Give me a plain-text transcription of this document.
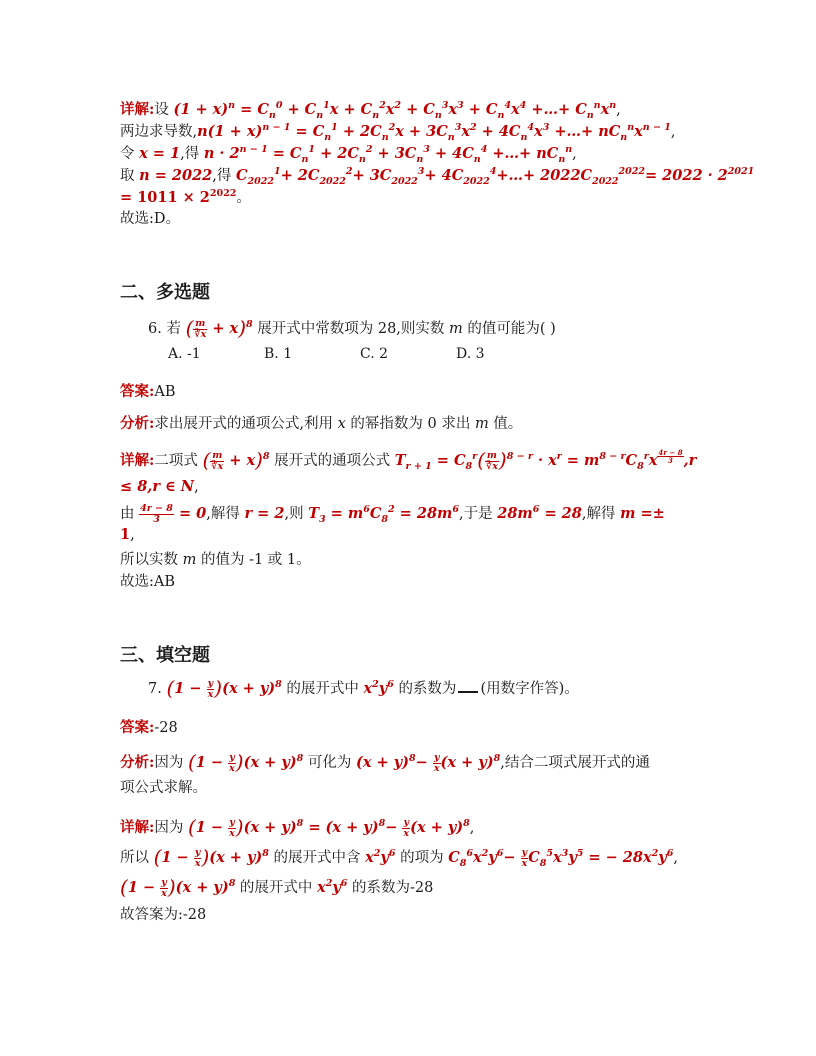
详解:设 $(1 + x)^n = C_n^0 + C_n^1x + C_n^2x^2 + C_n^3x^3 + C_n^4x^4$ +…+ $C_n^nx^n$,
两边求导数$,n(1 + x)^{n - 1} = C_n^1 + 2C_n^2x + 3C_n^3x^2 + 4C_n^4x^3$ +…+ $nC_n^nx^{n - 1}$,
令 x = 1,得 $n \cdot 2^{n - 1} = C_n^1 + 2C_n^2 + 3C_n^3 + 4C_n^4$ +…+ $nC_n^n$,
取 n = 2022,得 $C_{2022}^1+ 2C_{2022}^2+ 3C_{2022}^3+$ $4C_{2022}^4+\dots+ 2022C_{2022}^{2022}= 2022 \cdot 2^{2021}$
= $1011 \times 2^{2022}$。
故选:D。
二、多选题
6. 若 ( $\frac{m}{∛x} + x)^8$ 展开式中常数项为 28,则实数 m 的值可能为( )
A. -1	B. 1	C. 2	D. 3
答案:AB
分析:求出展开式的通项公式,利用 x 的幂指数为 0 求出 m 值。
详解:二项式 ( $\frac{m}{∛x} + x)^8$ 展开式的通项公式 $T_{r + 1} = C_8^r( \frac{m}{∛x} )^{8 - r} \cdot x^r = m^{8 - r}C_8^rx$ $^{\frac{4r - 8}{3}}$ ,r
≤ 8,r ∈ N,
由 $\frac{4r - 8}{3} = 0$,解得 r = 2,则 $T_3 = m^6C_8^2 = 28m^6$,于是 $28m^6 = 28$,解得 m =±
1,
所以实数 m 的值为 -1 或 1。
故选:AB
三、填空题
7. $(1 - \frac{y}{x} )(x + y)^8$ 的展开式中 $x^2y^6$ 的系数为 (用数字作答)。
答案:-28
分析:因为 $(1 - \frac{y}{x} )(x + y)^8$ 可化为 $(x + y)^8- \frac{y}{x} (x + y)^8$,结合二项式展开式的通
项公式求解。
详解:因为 $(1 - \frac{y}{x} )(x + y)^8 = (x + y)^8- \frac{y}{x} (x + y)^8$,
所以 $(1 - \frac{y}{x} )(x + y)^8$ 的展开式中含 $x^2y^6$ 的项为 $C_8^6x^2y^6- \frac{y}{x} C_8^5x^3y^5$ = − $28x^2y^6$,
$(1 - \frac{y}{x} )(x + y)^8$ 的展开式中 $x^2y^6$ 的系数为-28
故答案为:-28
